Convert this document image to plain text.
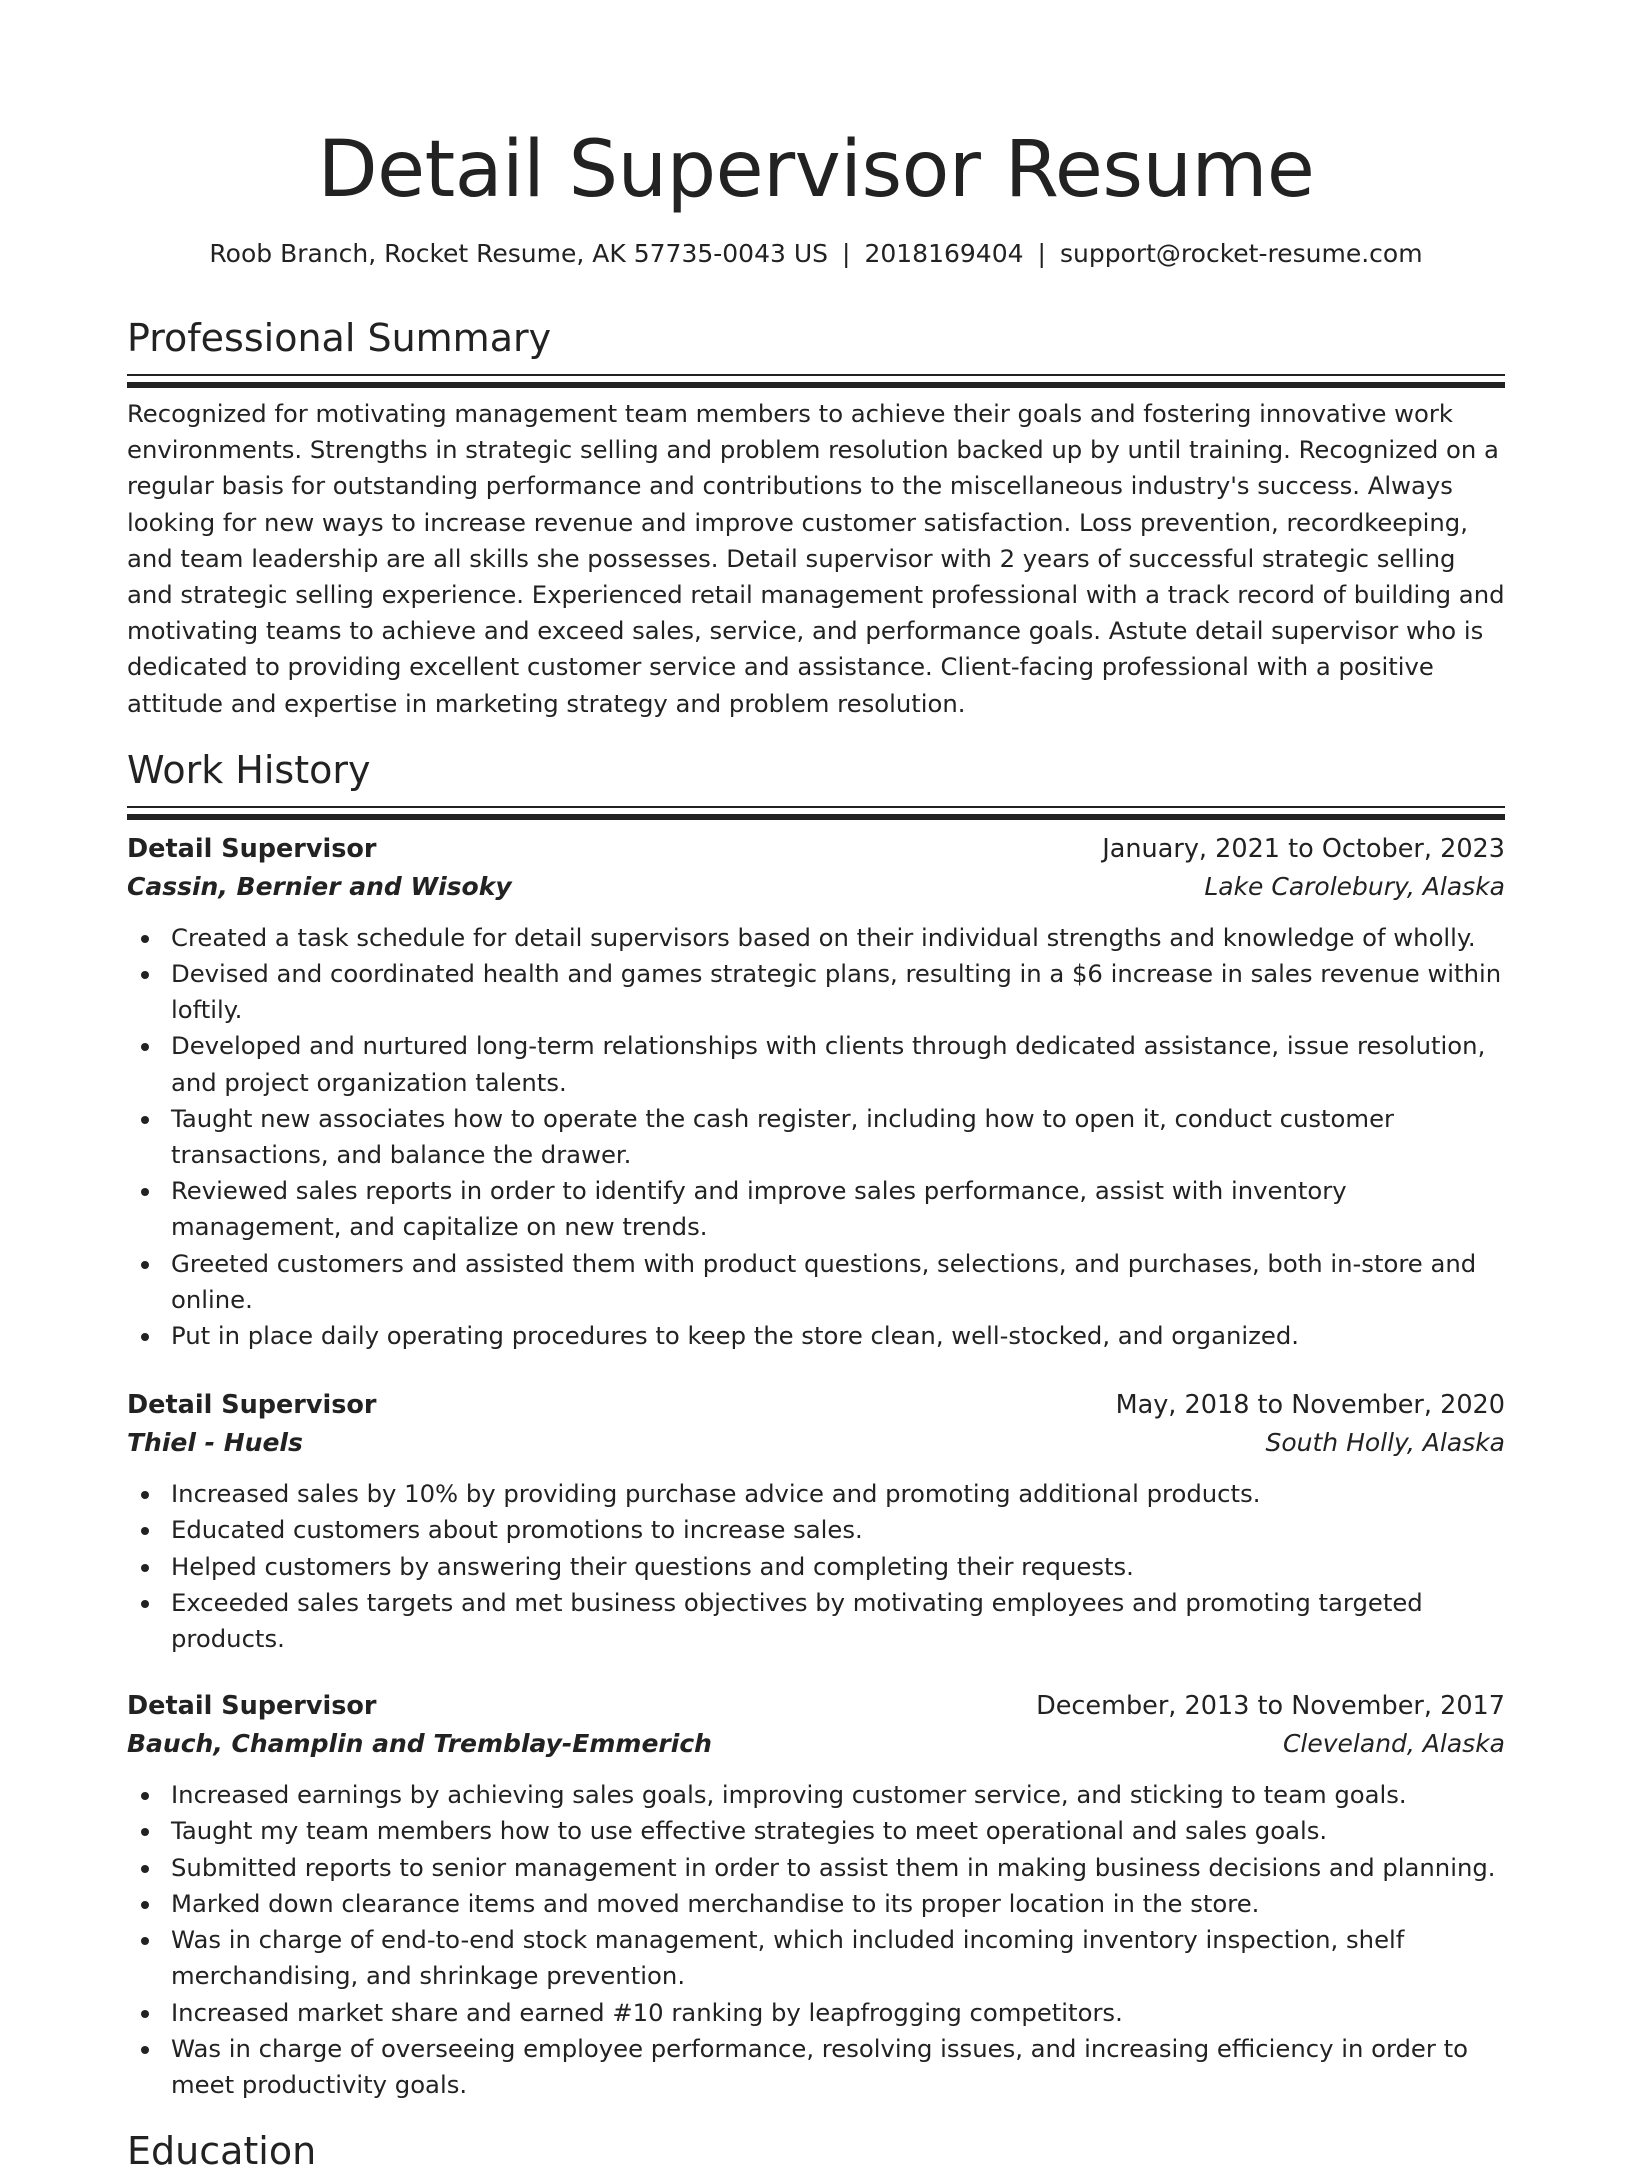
Detail Supervisor Resume
Roob Branch, Rocket Resume, AK 57735-0043 US | 2018169404 | support@rocket-resume.com
Professional Summary

Recognized for motivating management team members to achieve their goals and fostering innovative work environments. Strengths in strategic selling and problem resolution backed up by until training. Recognized on a regular basis for outstanding performance and contributions to the miscellaneous industry's success. Always looking for new ways to increase revenue and improve customer satisfaction. Loss prevention, recordkeeping, and team leadership are all skills she possesses. Detail supervisor with 2 years of successful strategic selling and strategic selling experience. Experienced retail management professional with a track record of building and motivating teams to achieve and exceed sales, service, and performance goals. Astute detail supervisor who is dedicated to providing excellent customer service and assistance. Client-facing professional with a positive attitude and expertise in marketing strategy and problem resolution.

Work History
Detail Supervisor	January, 2021 to October, 2023
Cassin, Bernier and Wisoky	Lake Carolebury, Alaska
Created a task schedule for detail supervisors based on their individual strengths and knowledge of wholly.
Devised and coordinated health and games strategic plans, resulting in a $6 increase in sales revenue within loftily.
Developed and nurtured long-term relationships with clients through dedicated assistance, issue resolution, and project organization talents.
Taught new associates how to operate the cash register, including how to open it, conduct customer transactions, and balance the drawer.
Reviewed sales reports in order to identify and improve sales performance, assist with inventory management, and capitalize on new trends.
Greeted customers and assisted them with product questions, selections, and purchases, both in-store and online.
Put in place daily operating procedures to keep the store clean, well-stocked, and organized.
Detail Supervisor	May, 2018 to November, 2020
Thiel - Huels	South Holly, Alaska
Increased sales by 10% by providing purchase advice and promoting additional products.
Educated customers about promotions to increase sales.
Helped customers by answering their questions and completing their requests.
Exceeded sales targets and met business objectives by motivating employees and promoting targeted products.
Detail Supervisor	December, 2013 to November, 2017
Bauch, Champlin and Tremblay-Emmerich	Cleveland, Alaska
Increased earnings by achieving sales goals, improving customer service, and sticking to team goals.
Taught my team members how to use effective strategies to meet operational and sales goals.
Submitted reports to senior management in order to assist them in making business decisions and planning.
Marked down clearance items and moved merchandise to its proper location in the store.
Was in charge of end-to-end stock management, which included incoming inventory inspection, shelf merchandising, and shrinkage prevention.
Increased market share and earned #10 ranking by leapfrogging competitors.
Was in charge of overseeing employee performance, resolving issues, and increasing efficiency in order to meet productivity goals.
Education
